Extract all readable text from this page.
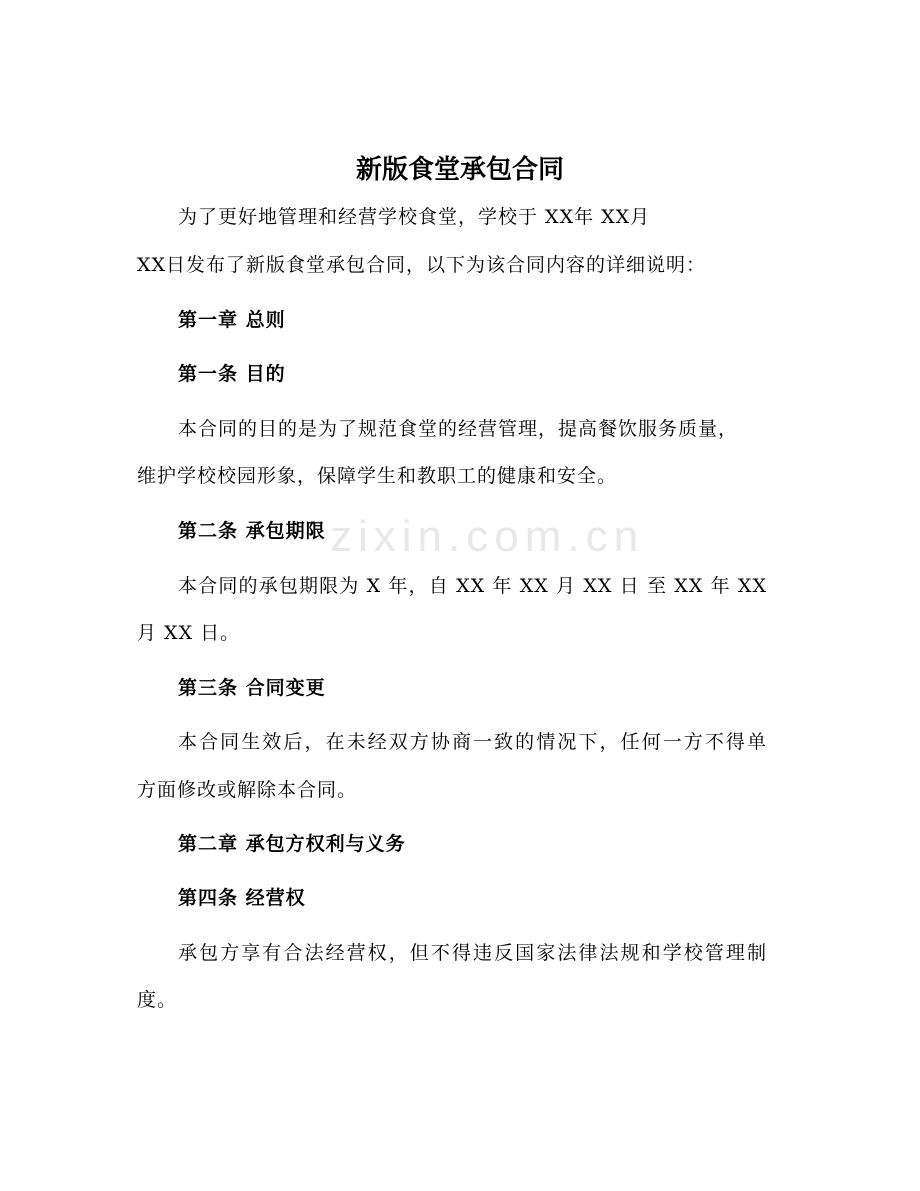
zixin.com.cn
新版食堂承包合同
为了更好地管理和经营学校食堂，学校于 XX年 XX月
XX日发布了新版食堂承包合同，以下为该合同内容的详细说明：
第一章 总则
第一条 目的
本合同的目的是为了规范食堂的经营管理，提高餐饮服务质量，
维护学校校园形象，保障学生和教职工的健康和安全。
第二条 承包期限
本合同的承包期限为 X 年，自 XX 年 XX 月 XX 日 至 XX 年 XX
月 XX 日。
第三条 合同变更
本合同生效后，在未经双方协商一致的情况下，任何一方不得单
方面修改或解除本合同。
第二章 承包方权利与义务
第四条 经营权
承包方享有合法经营权，但不得违反国家法律法规和学校管理制
度。
